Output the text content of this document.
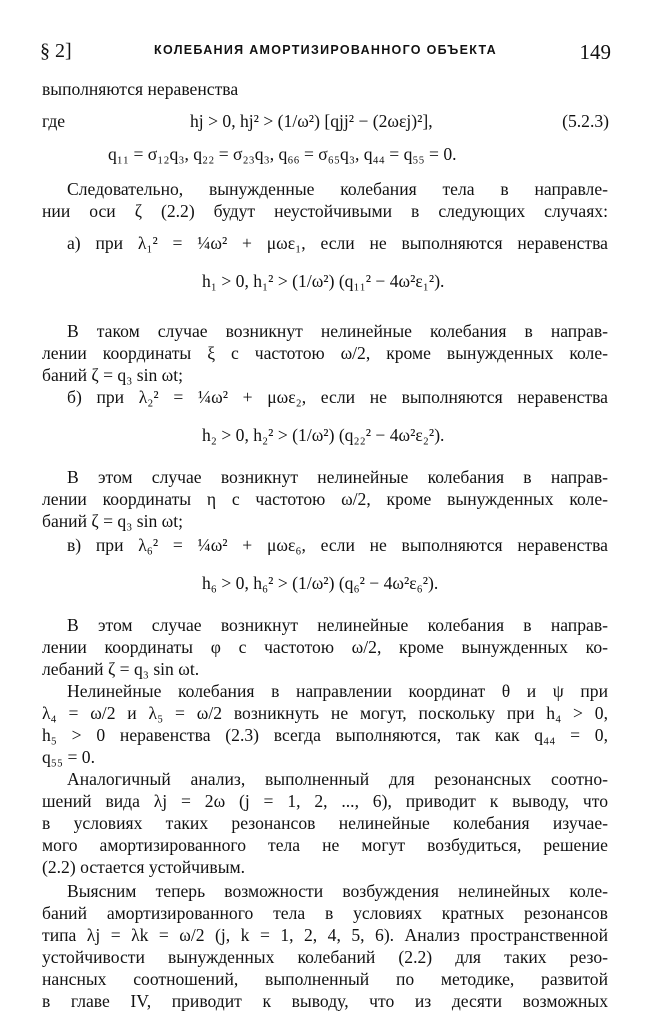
§ 2]	КОЛЕБАНИЯ АМОРТИЗИРОВАННОГО ОБЪЕКТА	149
выполняются неравенства
где	hj > 0, hj² > (1/ω²) [qjj² − (2ωεj)²],	(5.2.3)
q₁₁ = σ₁₂q₃, q₂₂ = σ₂₃q₃, q₆₆ = σ₆₅q₃, q₄₄ = q₅₅ = 0.
Следовательно, вынужденные колебания тела в направле-
нии оси ζ (2.2) будут неустойчивыми в следующих случаях:
а) при λ₁² = ¼ω² + μωε₁, если не выполняются неравенства
h₁ > 0, h₁² > (1/ω²) (q₁₁² − 4ω²ε₁²).
В таком случае возникнут нелинейные колебания в направ-
лении координаты ξ с частотою ω/2, кроме вынужденных коле-
баний ζ = q₃ sin ωt;
б) при λ₂² = ¼ω² + μωε₂, если не выполняются неравенства
h₂ > 0, h₂² > (1/ω²) (q₂₂² − 4ω²ε₂²).
В этом случае возникнут нелинейные колебания в направ-
лении координаты η с частотою ω/2, кроме вынужденных коле-
баний ζ = q₃ sin ωt;
в) при λ₆² = ¼ω² + μωε₆, если не выполняются неравенства
h₆ > 0, h₆² > (1/ω²) (q₆² − 4ω²ε₆²).
В этом случае возникнут нелинейные колебания в направ-
лении координаты φ с частотою ω/2, кроме вынужденных ко-
лебаний ζ = q₃ sin ωt.
Нелинейные колебания в направлении координат θ и ψ при
λ₄ = ω/2 и λ₅ = ω/2 возникнуть не могут, поскольку при h₄ > 0,
h₅ > 0 неравенства (2.3) всегда выполняются, так как q₄₄ = 0,
q₅₅ = 0.
Аналогичный анализ, выполненный для резонансных соотно-
шений вида λj = 2ω (j = 1, 2, ..., 6), приводит к выводу, что
в условиях таких резонансов нелинейные колебания изучае-
мого амортизированного тела не могут возбудиться, решение
(2.2) остается устойчивым.
Выясним теперь возможности возбуждения нелинейных коле-
баний амортизированного тела в условиях кратных резонансов
типа λj = λk = ω/2 (j, k = 1, 2, 4, 5, 6). Анализ пространственной
устойчивости вынужденных колебаний (2.2) для таких резо-
нансных соотношений, выполненный по методике, развитой
в главе IV, приводит к выводу, что из десяти возможных
